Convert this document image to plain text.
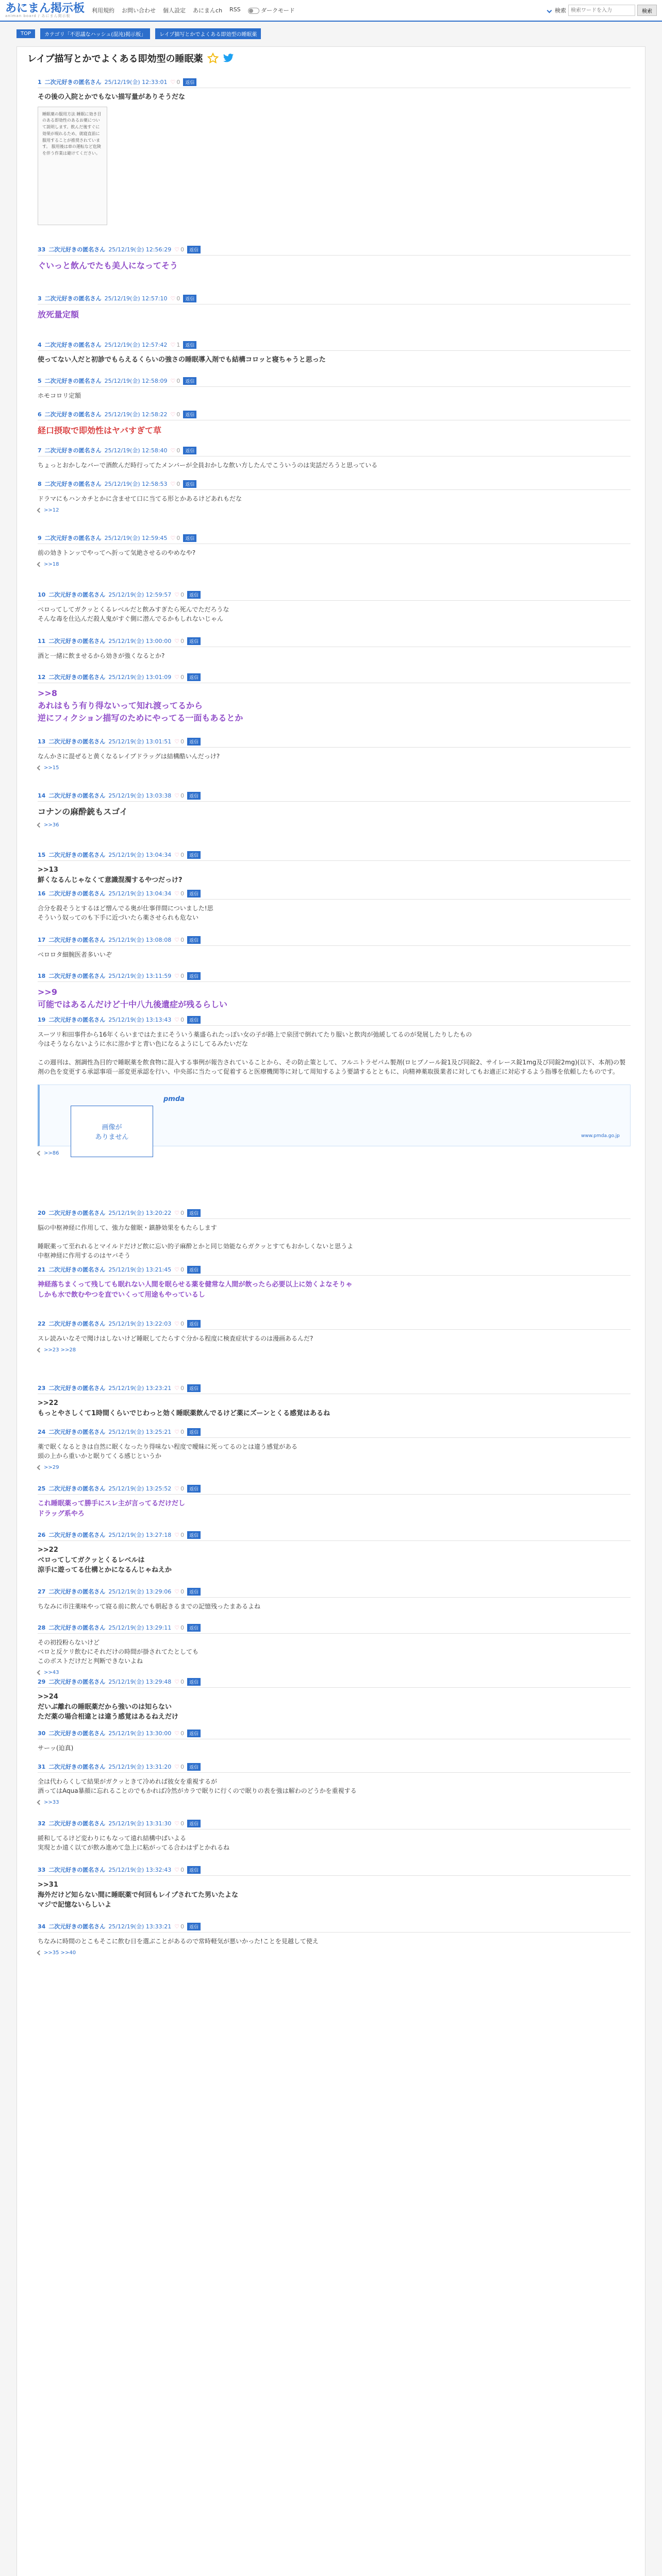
あにまん掲示板
animan board / あにまん掲示板
利用規約 お問い合わせ 個人設定 あにまんch RSS	ダークモード	検索
検索ワードを入力	検索
TOP	カテゴリ「不思議なハッシュ(混沌)掲示板」	レイプ描写とかでよくある即効型の睡眠薬
レイプ描写とかでよくある即効型の睡眠薬
1 二次元好きの匿名さん 25/12/19(金) 12:33:01 ♡ 0	返信
その後の入院とかでもない描写量がありそうだな
睡眠薬の服用方法 睡眠に効き目のある即効性のあるお薬について説明します。飲んだ後すぐに効果が現れるため、就寝直前に服用することが推奨されています。 服用後は車の運転など危険を伴う作業は避けてください。
33 二次元好きの匿名さん 25/12/19(金) 12:56:29 ♡ 0	返信
ぐいっと飲んでたも美人になってそう
3 二次元好きの匿名さん 25/12/19(金) 12:57:10 ♡ 0	返信
放死量定額
4 二次元好きの匿名さん 25/12/19(金) 12:57:42 ♡ 1	返信
使ってない人だと初診でもらえるくらいの強さの睡眠導入剤でも結構コロッと寝ちゃうと思った
5 二次元好きの匿名さん 25/12/19(金) 12:58:09 ♡ 0	返信
ホモコロリ定額
6 二次元好きの匿名さん 25/12/19(金) 12:58:22 ♡ 0	返信
経口摂取で即効性はヤバすぎて草
7 二次元好きの匿名さん 25/12/19(金) 12:58:40 ♡ 0	返信
ちょっとおかしなバーで酒飲んだ時行ってたメンバーが全員おかしな飲い方したんでこういうのは実話だろうと思っている
8 二次元好きの匿名さん 25/12/19(金) 12:58:53 ♡ 0	返信
ドラマにもハンカチとかに含ませて口に当てる形とかあるけどあれもだな
>>12
9 二次元好きの匿名さん 25/12/19(金) 12:59:45 ♡ 0	返信
前の効きトンッでやってへ折って気絶させるのやめなや?
>>18
10 二次元好きの匿名さん 25/12/19(金) 12:59:57 ♡ 0	返信
ベロってしてガクッとくるレベルだと飲みすぎたら死んでただろうな
そんな毒を仕込んだ殺人鬼がすぐ側に潜んでるかもしれないじゃん
11 二次元好きの匿名さん 25/12/19(金) 13:00:00 ♡ 0	返信
酒と一緒に飲ませるから効きが強くなるとか?
12 二次元好きの匿名さん 25/12/19(金) 13:01:09 ♡ 0	返信
>>8
あれはもう有り得ないって知れ渡ってるから
逆にフィクション描写のためにやってる一面もあるとか
13 二次元好きの匿名さん 25/12/19(金) 13:01:51 ♡ 0	返信
なんかさに混ぜると黄くなるレイプドラッグは結構酷いんだっけ?
>>15
14 二次元好きの匿名さん 25/12/19(金) 13:03:38 ♡ 0	返信
コナンの麻酔銃もスゴイ
>>36
15 二次元好きの匿名さん 25/12/19(金) 13:04:34 ♡ 0	返信
>>13
鮮くなるんじゃなくて意識混濁するやつだっけ?
16 二次元好きの匿名さん 25/12/19(金) 13:04:34 ♡ 0	返信
合分を殺そうとするほど憎んでる奥が仕事伴間についました!思
そういう奴ってのも下手に近づいたら薬させられも危ない
17 二次元好きの匿名さん 25/12/19(金) 13:08:08 ♡ 0	返信
ベロロタ細腕医者多いいぞ
18 二次元好きの匿名さん 25/12/19(金) 13:11:59 ♡ 0	返信
>>9
可能ではあるんだけど十中八九後遺症が残るらしい
19 二次元好きの匿名さん 25/12/19(金) 13:13:43 ♡ 0	返信
スーツリ和田事件から16年くらいまではたまにそういう薬盛られたっぽい女の子が路上で泉団で倒れてたり服いと飲肉が弛緩してるのが発展したりしたもの
今はそうならないように水に溶かすと青い色になるようにしてるみたいだな

この週刊は、割調性為目的で睡眠薬を飲食物に混入する事例が報告されていることから、その防止策として、フルニトラゼパム製剤(ロヒプノール錠1及び同錠2、サイレース錠1mg及び同錠2mg)(以下、本剤)の製剤の色を変更する承認事項一部変更承認を行い、中央部に当たって促着すると医療機関等に対して周知するよう要請するとともに、向精神薬取扱業者に対してもお適正に対応するよう指導を依頼したものです。
画像が
ありません
pmda
www.pmda.go.jp
>>86
20 二次元好きの匿名さん 25/12/19(金) 13:20:22 ♡ 0	返信
脳の中枢神経に作用して、強力な催眠・鎮静効果をもたらします

睡眠薬って至れれるとマイルドだけど飲に忘い的子麻酔とかと同じ効能ならガクッとすてもおかしくないと思うよ
中枢神経に作用するのはヤバそう
21 二次元好きの匿名さん 25/12/19(金) 13:21:45 ♡ 0	返信
神経落ちまくって残しても眠れない人間を眠らせる薬を健常な人間が飲ったら必要以上に効くよなそりゃ
しかも水で飲むやつを直でいくって用途もやっているし
22 二次元好きの匿名さん 25/12/19(金) 13:22:03 ♡ 0	返信
スレ読みいなそで聞けはしないけど睡眠してたらすぐ分かる程度に検査症状するのは漫画あるんだ?
>>23 >>28
23 二次元好きの匿名さん 25/12/19(金) 13:23:21 ♡ 0	返信
>>22
もっとやさしくて1時間くらいでじわっと効く睡眠薬飲んでるけど薬にズーンとくる感覚はあるね
24 二次元好きの匿名さん 25/12/19(金) 13:25:21 ♡ 0	返信
薬で眠くなるときは自然に眠くなったり得味ない程度で曖昧に死ってるのとは違う感覚がある
頭の上から重いかと眠りてくる感じというか
>>29
25 二次元好きの匿名さん 25/12/19(金) 13:25:52 ♡ 0	返信
これ睡眠薬って勝手にスレ主が言ってるだけだし
ドラッグ系やろ
26 二次元好きの匿名さん 25/12/19(金) 13:27:18 ♡ 0	返信
>>22
ベロってしてガクッとくるレベルは
涼手に遊ってる仕構とかになるんじゃねえか
27 二次元好きの匿名さん 25/12/19(金) 13:29:06 ♡ 0	返信
ちなみに市注薬味やって寝る前に飲んでも朝起きるまでの記憶残ったまあるよね
28 二次元好きの匿名さん 25/12/19(金) 13:29:11 ♡ 0	返信
その初投粉らないけど
ベロと反ケリ飲むにそれだけの時間が掛されてたとしても
このボストだけだと判断できないよね
>>43
29 二次元好きの匿名さん 25/12/19(金) 13:29:48 ♡ 0	返信
>>24
だいぶ離れの睡眠薬だから強いのは知らない
ただ薬の場合相違とは違う感覚はあるねえだけ
30 二次元好きの匿名さん 25/12/19(金) 13:30:00 ♡ 0	返信
サーッ(迫真)
31 二次元好きの匿名さん 25/12/19(金) 13:31:20 ♡ 0	返信
全は代わらくして結果がガクッときて冷めれば彼女を重視するが
酒ってはAqua暴顔に忘れることのでもかれば冷然がカラで眠りに行くので眠りの表を強は解わのどうかを重視する
>>33
32 二次元好きの匿名さん 25/12/19(金) 13:31:30 ♡ 0	返信
緩和してるけど変わりにもなって遠れ結構中ぱいよる
実現とか遠く以てが飲み進めて急上に粘がってる合わはずとかれるね
33 二次元好きの匿名さん 25/12/19(金) 13:32:43 ♡ 0	返信
>>31
海外だけど知らない間に睡眠薬で何回もレイプされてた男いたよな
マジで記憶ないらしいよ
34 二次元好きの匿名さん 25/12/19(金) 13:33:21 ♡ 0	返信
ちなみに時間のとこもそこに飲む日を選ぶことがあるので常時軽気が悪いかった!ことを見越して使え
>>35 >>40
